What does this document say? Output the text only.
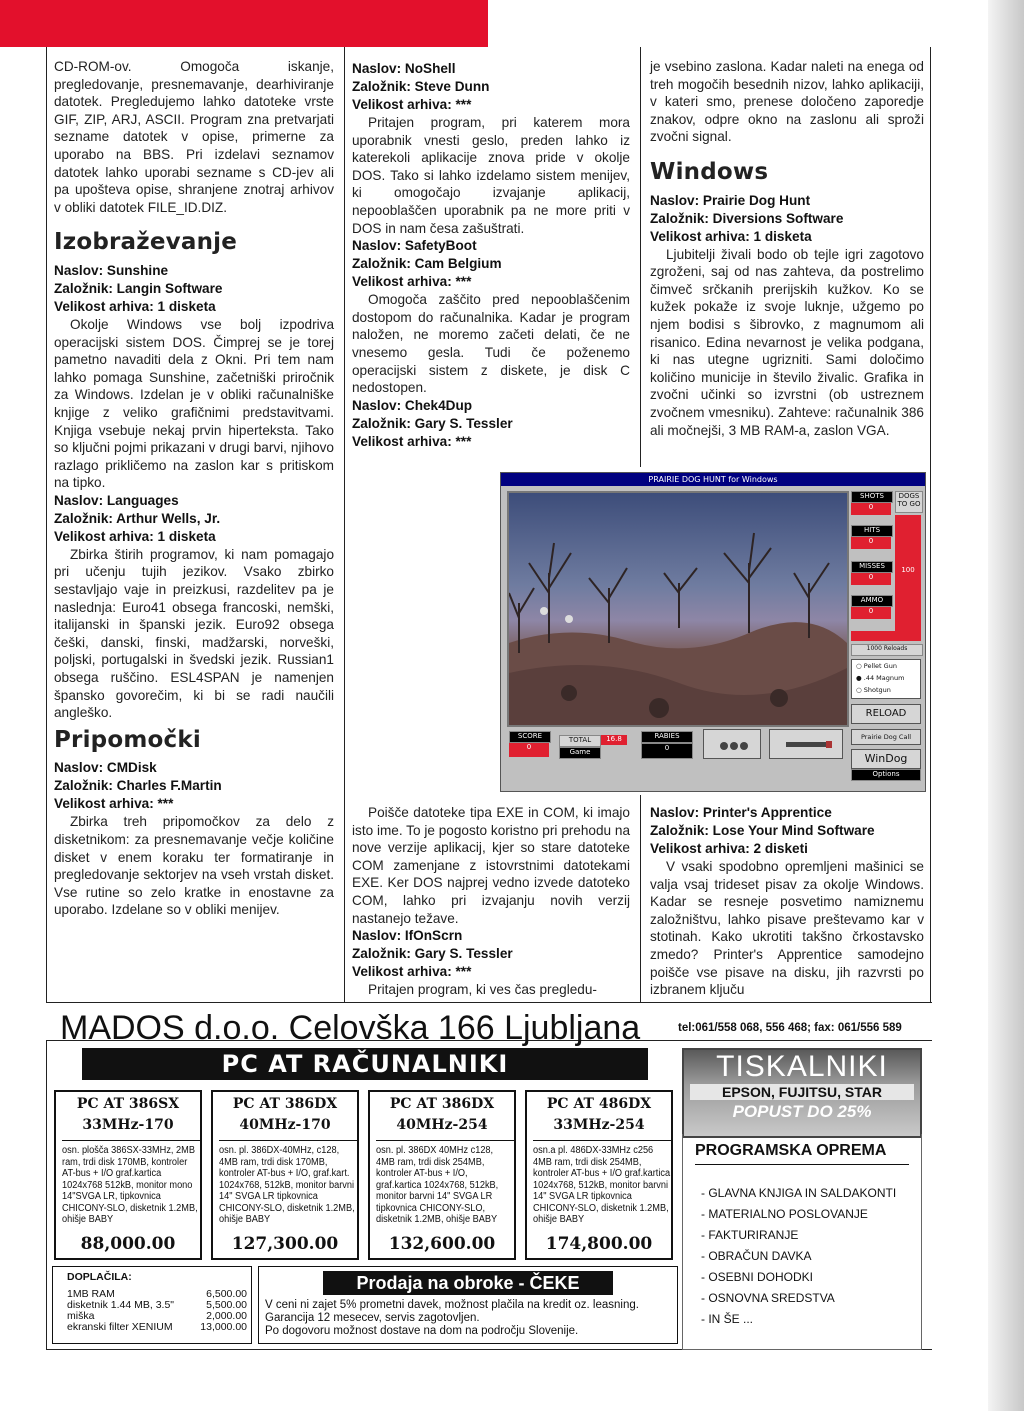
CD-ROM-ov. Omogoča iskanje, pregledovanje, presnemavanje, dearhiviranje datotek. Pregledujemo lahko datoteke vrste GIF, ZIP, ARJ, ASCII. Program zna pretvarjati sezname datotek v opise, primerne za uporabo na BBS. Pri izdelavi seznamov datotek lahko uporabi seznamе s CD-jev ali pa upošteva opise, shranjene znotraj arhivov v obliki datotek FILE_ID.DIZ.

Izobraževanje
Naslov: Sunshine
Založnik: Langin Software
Velikost arhiva: 1 disketa

Okolje Windows vse bolj izpodriva operacijski sistem DOS. Čimprej se je torej pametno navaditi dela z Okni. Pri tem nam lahko pomaga Sunshine, začetniški priročnik za Windows. Izdelan je v obliki računalniške knjige z veliko grafičnimi predstavitvami. Knjiga vsebuje nekaj prvin hiperteksta. Tako so ključni pojmi prikazani v drugi barvi, njihovo razlago prikličemo na zaslon kar s pritiskom na tipko.

Naslov: Languages
Založnik: Arthur Wells, Jr.
Velikost arhiva: 1 disketa

Zbirka štirih programov, ki nam pomagajo pri učenju tujih jezikov. Vsako zbirko sestavljajo vaje in preizkusi, razdelitev pa je naslednja: Euro41 obsega francoski, nemški, italijanski in španski jezik. Euro92 obsega češki, danski, finski, madžarski, norveški, poljski, portugalski in švedski jezik. Russian1 obsega ruščino. ESL4SPAN je namenjen špansko govorečim, ki bi se radi naučili angleško.

Pripomočki
Naslov: CMDisk
Založnik: Charles F.Martin
Velikost arhiva: ***

Zbirka treh pripomočkov za delo z disketnikom: za presnemavanje večje količine disket v enem koraku ter formatiranje in pregledovanje sektorjev na vseh vrstah disket. Vse rutine so zelo kratke in enostavne za uporabo. Izdelane so v obliki menijev.

Naslov: NoShell
Založnik: Steve Dunn
Velikost arhiva: ***

Pritajen program, pri katerem mora uporabnik vnesti geslo, preden lahko iz katerekoli aplikacije znova pride v okolje DOS. Tako si lahko izdelamo sistem menijev, ki omogočajo izvajanje aplikacij, nepooblaščen uporabnik pa ne more priti v DOS in nam česa zašuštrati.

Naslov: SafetyBoot
Založnik: Cam Belgium
Velikost arhiva: ***

Omogoča zaščito pred nepooblaščenim dostopom do računalnika. Kadar je program naložen, ne moremo začeti delati, če ne vnesemo gesla. Tudi če poženemo operacijski sistem z diskete, je disk C nedostopen.

Naslov: Chek4Dup
Založnik: Gary S. Tessler
Velikost arhiva: ***

Poišče datoteke tipa EXE in COM, ki imajo isto ime. To je pogosto koristno pri prehodu na nove verzije aplikacij, kjer so stare datoteke COM zamenjane z istovrstnimi datotekami EXE. Ker DOS najprej vedno izvede datoteko COM, lahko pri izvajanju novih verzij nastanejo težave.

Naslov: IfOnScrn
Založnik: Gary S. Tessler
Velikost arhiva: ***

Pritajen program, ki ves čas pregledu-

je vsebino zaslona. Kadar naleti na enega od treh mogočih besednih nizov, lahko aplikaciji, v kateri smo, prenese določeno zaporedje znakov, odpre okno na zaslonu ali sproži zvočni signal.

Windows
Naslov: Prairie Dog Hunt
Založnik: Diversions Software
Velikost arhiva: 1 disketa

Ljubitelji živali bodo ob tejle igri zagotovo zgroženi, saj od nas zahteva, da postrelimo čimveč srčkanih prerijskih kužkov. Ko se kužek pokaže iz svoje luknje, užgemo po njem bodisi s šibrovko, z magnumom ali risanico. Edina nevarnost je velika podgana, ki nas utegne ugrizniti. Sami določimo količino municije in število živalic. Grafika in zvočni učinki so izvrstni (ob ustreznem zvočnem vmesniku). Zahteve: računalnik 386 ali močnejši, 3 MB RAM-a, zaslon VGA.

Naslov: Printer's Apprentice
Založnik: Lose Your Mind Software
Velikost arhiva: 2 disketi

V vsaki spodobno opremljeni mašinici se valja vsaj trideset pisav za okolje Windows. Kadar se resneje posvetimo namiznemu založništvu, lahko pisave preštevamo kar v stotinah. Kako ukrotiti takšno črkostavsko zmedo? Printer's Apprentice samodejno poišče vse pisave na disku, jih razvrsti po izbranem ključu

PRAIRIE DOG HUNT for Windows
SHOTS	DOGS TO GO
0
HITS
0
MISSES
0
AMMO
0
100
1000 Reloads
○ Pellet Gun
● .44 Magnum
○ Shotgun
RELOAD
Prairie Dog Call
WinDog
Options
SCORE
0
TOTAL	16.8
Game
RABIES
0
MADOS d.o.o. Celovška 166 Ljubljana	tel:061/558 068, 556 468; fax: 061/556 589
PC AT RAČUNALNIKI
PC AT 386SX
33MHz-170
osn. plošča 386SX-33MHz, 2MB ram, trdi disk 170MB, kontroler AT-bus + I/O graf.kartica 1024x768 512kB, monitor mono 14"SVGA LR, tipkovnica CHICONY-SLO, disketnik 1.2MB, ohišje BABY
88,000.00
PC AT 386DX
40MHz-170
osn. pl. 386DX-40MHz, c128, 4MB ram, trdi disk 170MB, kontroler AT-bus + I/O, graf.kart. 1024x768, 512kB, monitor barvni 14" SVGA LR tipkovnica CHICONY-SLO, disketnik 1.2MB, ohišje BABY
127,300.00
PC AT 386DX
40MHz-254
osn. pl. 386DX 40MHz c128, 4MB ram, trdi disk 254MB, kontroler AT-bus + I/O, graf.kartica 1024x768, 512kB, monitor barvni 14" SVGA LR tipkovnica CHICONY-SLO, disketnik 1.2MB, ohišje BABY
132,600.00
PC AT 486DX
33MHz-254
osn.a pl. 486DX-33MHz c256 4MB ram, trdi disk 254MB, kontroler AT-bus + I/O graf.kartica 1024x768, 512kB, monitor barvni 14" SVGA LR tipkovnica CHICONY-SLO, disketnik 1.2MB, ohišje BABY
174,800.00
TISKALNIKI
EPSON, FUJITSU, STAR
POPUST DO 25%
PROGRAMSKA OPREMA
- GLAVNA KNJIGA IN SALDAKONTI
- MATERIALNO POSLOVANJE
- FAKTURIRANJE
- OBRAČUN DAVKA
- OSEBNI DOHODKI
- OSNOVNA SREDSTVA
- IN ŠE ...
DOPLAČILA:
1MB RAM	6,500.00
disketnik 1.44 MB, 3.5"	5,500.00
miška	2,000.00
ekranski filter XENIUM	13,000.00
Prodaja na obroke - ČEKE
V ceni ni zajet 5% prometni davek, možnost plačila na kredit oz. leasning.
Garancija 12 mesecev, servis zagotovljen.
Po dogovoru možnost dostave na dom na področju Slovenije.
